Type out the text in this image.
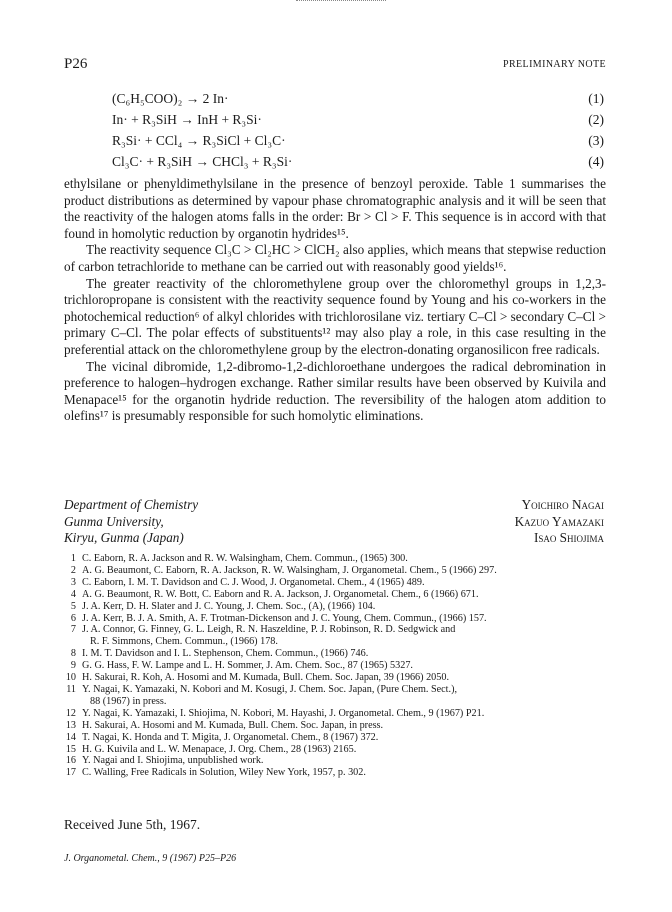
P26	PRELIMINARY NOTE
(C₆H₅COO)₂ → 2 In·	(1)
In· + R₃SiH → InH + R₃Si·	(2)
R₃Si· + CCl₄ → R₃SiCl + Cl₃C·	(3)
Cl₃C· + R₃SiH → CHCl₃ + R₃Si·	(4)

ethylsilane or phenyldimethylsilane in the presence of benzoyl peroxide. Table 1 summarises the product distributions as determined by vapour phase chromatographic analysis and it will be seen that the reactivity of the halogen atoms falls in the order: Br > Cl > F. This sequence is in accord with that found in homolytic reduction by organotin hydrides¹⁵.

The reactivity sequence Cl₃C > Cl₂HC > ClCH₂ also applies, which means that stepwise reduction of carbon tetrachloride to methane can be carried out with reasonably good yields¹⁶.

The greater reactivity of the chloromethylene group over the chloromethyl groups in 1,2,3-trichloropropane is consistent with the reactivity sequence found by Young and his co-workers in the photochemical reduction⁶ of alkyl chlorides with trichlorosilane viz. tertiary C–Cl > secondary C–Cl > primary C–Cl. The polar effects of substituents¹² may also play a role, in this case resulting in the preferential attack on the chloromethylene group by the electron-donating organosilicon free radicals.

The vicinal dibromide, 1,2-dibromo-1,2-dichloroethane undergoes the radical debromination in preference to halogen–hydrogen exchange. Rather similar results have been observed by Kuivila and Menapace¹⁵ for the organotin hydride reduction. The reversibility of the halogen atom addition to olefins¹⁷ is presumably responsible for such homolytic eliminations.

Department of Chemistry	Yoichiro Nagai
Gunma University,	Kazuo Yamazaki
Kiryu, Gunma (Japan)	Isao Shiojima
1 C. Eaborn, R. A. Jackson and R. W. Walsingham, Chem. Commun., (1965) 300.
2 A. G. Beaumont, C. Eaborn, R. A. Jackson, R. W. Walsingham, J. Organometal. Chem., 5 (1966) 297.
3 C. Eaborn, I. M. T. Davidson and C. J. Wood, J. Organometal. Chem., 4 (1965) 489.
4 A. G. Beaumont, R. W. Bott, C. Eaborn and R. A. Jackson, J. Organometal. Chem., 6 (1966) 671.
5 J. A. Kerr, D. H. Slater and J. C. Young, J. Chem. Soc., (A), (1966) 104.
6 J. A. Kerr, B. J. A. Smith, A. F. Trotman-Dickenson and J. C. Young, Chem. Commun., (1966) 157.
7 J. A. Connor, G. Finney, G. L. Leigh, R. N. Haszeldine, P. J. Robinson, R. D. Sedgwick and
R. F. Simmons, Chem. Commun., (1966) 178.
8 I. M. T. Davidson and I. L. Stephenson, Chem. Commun., (1966) 746.
9 G. G. Hass, F. W. Lampe and L. H. Sommer, J. Am. Chem. Soc., 87 (1965) 5327.
10 H. Sakurai, R. Koh, A. Hosomi and M. Kumada, Bull. Chem. Soc. Japan, 39 (1966) 2050.
11 Y. Nagai, K. Yamazaki, N. Kobori and M. Kosugi, J. Chem. Soc. Japan, (Pure Chem. Sect.),
88 (1967) in press.
12 Y. Nagai, K. Yamazaki, I. Shiojima, N. Kobori, M. Hayashi, J. Organometal. Chem., 9 (1967) P21.
13 H. Sakurai, A. Hosomi and M. Kumada, Bull. Chem. Soc. Japan, in press.
14 T. Nagai, K. Honda and T. Migita, J. Organometal. Chem., 8 (1967) 372.
15 H. G. Kuivila and L. W. Menapace, J. Org. Chem., 28 (1963) 2165.
16 Y. Nagai and I. Shiojima, unpublished work.
17 C. Walling, Free Radicals in Solution, Wiley New York, 1957, p. 302.
Received June 5th, 1967.
J. Organometal. Chem., 9 (1967) P25–P26
